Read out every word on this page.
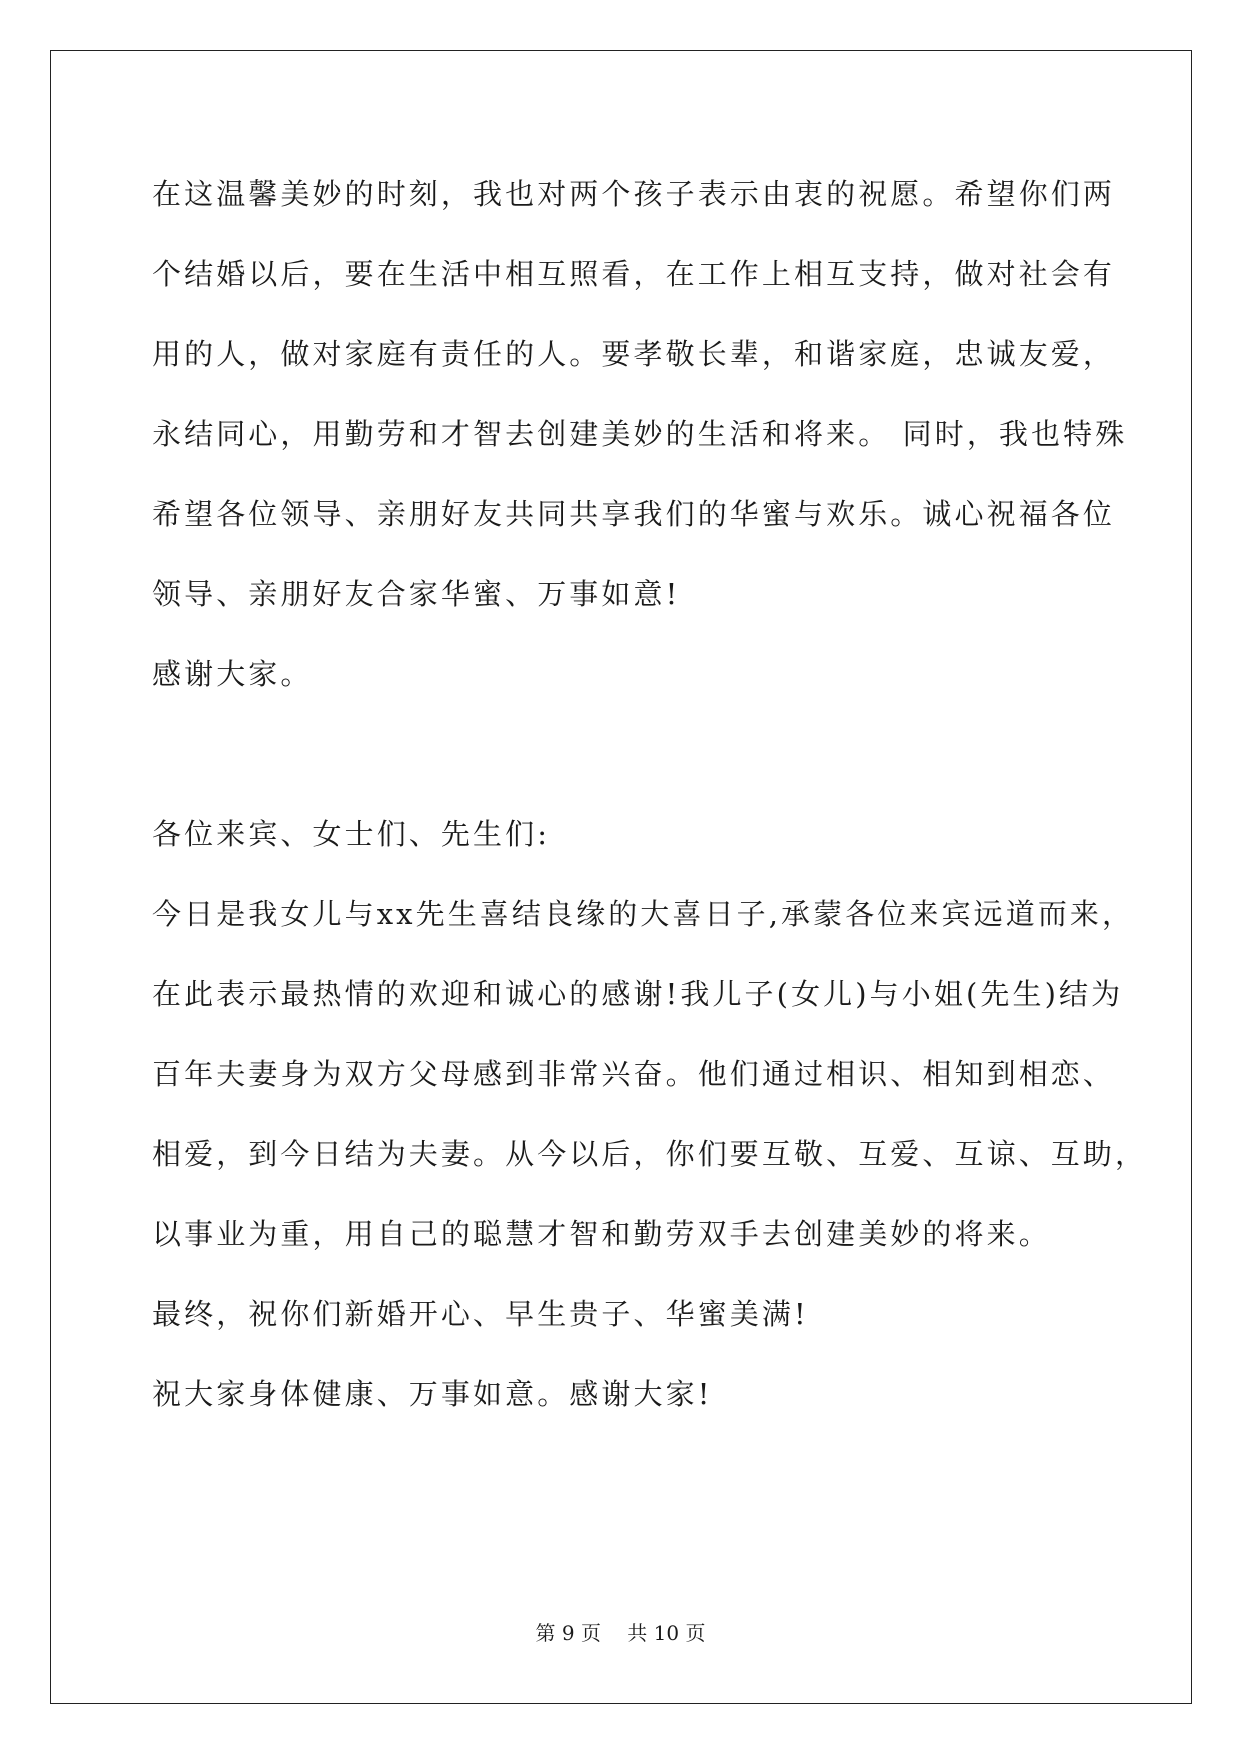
在这温馨美妙的时刻，我也对两个孩子表示由衷的祝愿。希望你们两
个结婚以后，要在生活中相互照看，在工作上相互支持，做对社会有
用的人，做对家庭有责任的人。要孝敬长辈，和谐家庭，忠诚友爱，
永结同心，用勤劳和才智去创建美妙的生活和将来。 同时，我也特殊
希望各位领导、亲朋好友共同共享我们的华蜜与欢乐。诚心祝福各位
领导、亲朋好友合家华蜜、万事如意!
感谢大家。
各位来宾、女士们、先生们:
今日是我女儿与xx先生喜结良缘的大喜日子,承蒙各位来宾远道而来，
在此表示最热情的欢迎和诚心的感谢!我儿子(女儿)与小姐(先生)结为
百年夫妻身为双方父母感到非常兴奋。他们通过相识、相知到相恋、
相爱，到今日结为夫妻。从今以后，你们要互敬、互爱、互谅、互助，
以事业为重，用自己的聪慧才智和勤劳双手去创建美妙的将来。
最终，祝你们新婚开心、早生贵子、华蜜美满!
祝大家身体健康、万事如意。感谢大家!
第 9 页　 共 10 页
